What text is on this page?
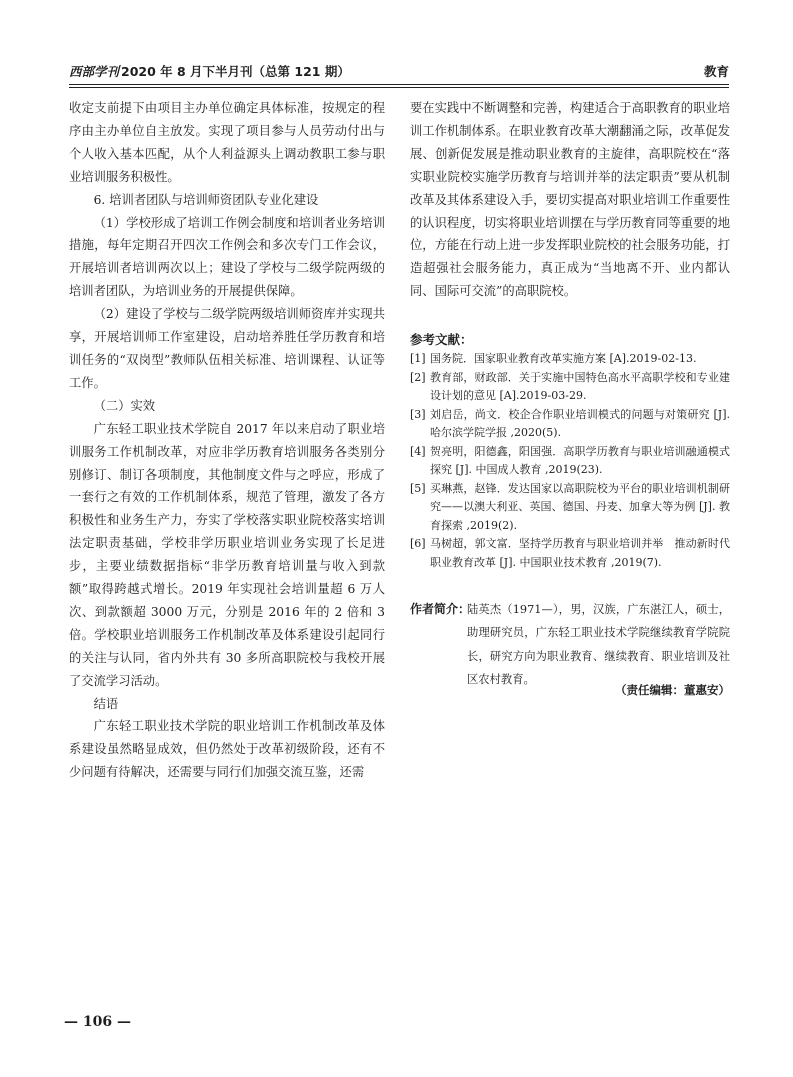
西部学刊 2020 年 8 月下半月刊（总第 121 期）	教育

收定支前提下由项目主办单位确定具体标准，按规定的程序由主办单位自主放发。实现了项目参与人员劳动付出与个人收入基本匹配，从个人利益源头上调动教职工参与职业培训服务积极性。

6. 培训者团队与培训师资团队专业化建设

（1）学校形成了培训工作例会制度和培训者业务培训措施，每年定期召开四次工作例会和多次专门工作会议，开展培训者培训两次以上；建设了学校与二级学院两级的培训者团队，为培训业务的开展提供保障。

（2）建设了学校与二级学院两级培训师资库并实现共享，开展培训师工作室建设，启动培养胜任学历教育和培训任务的“双岗型”教师队伍相关标准、培训课程、认证等工作。

（二）实效

广东轻工职业技术学院自 2017 年以来启动了职业培训服务工作机制改革，对应非学历教育培训服务各类别分别修订、制订各项制度，其他制度文件与之呼应，形成了一套行之有效的工作机制体系，规范了管理，激发了各方积极性和业务生产力，夯实了学校落实职业院校落实培训法定职责基础，学校非学历职业培训业务实现了长足进步，主要业绩数据指标“非学历教育培训量与收入到款额”取得跨越式增长。2019 年实现社会培训量超 6 万人次、到款额超 3000 万元，分别是 2016 年的 2 倍和 3 倍。学校职业培训服务工作机制改革及体系建设引起同行的关注与认同，省内外共有 30 多所高职院校与我校开展了交流学习活动。

结语

广东轻工职业技术学院的职业培训工作机制改革及体系建设虽然略显成效，但仍然处于改革初级阶段，还有不少问题有待解决，还需要与同行们加强交流互鉴，还需

要在实践中不断调整和完善，构建适合于高职教育的职业培训工作机制体系。在职业教育改革大潮翻涌之际，改革促发展、创新促发展是推动职业教育的主旋律，高职院校在“落实职业院校实施学历教育与培训并举的法定职责”要从机制改革及其体系建设入手，要切实提高对职业培训工作重要性的认识程度，切实将职业培训摆在与学历教育同等重要的地位，方能在行动上进一步发挥职业院校的社会服务功能，打造超强社会服务能力，真正成为“当地离不开、业内都认同、国际可交流”的高职院校。

参考文献：
[1] 国务院．国家职业教育改革实施方案 [A].2019-02-13.
[2] 教育部，财政部．关于实施中国特色高水平高职学校和专业建设计划的意见 [A].2019-03-29.
[3] 刘启岳，尚文．校企合作职业培训模式的问题与对策研究 [J]. 哈尔滨学院学报 ,2020(5).
[4] 贺亮明，阳德鑫，阳国强．高职学历教育与职业培训融通模式探究 [J]. 中国成人教育 ,2019(23).
[5] 买琳燕，赵锋．发达国家以高职院校为平台的职业培训机制研究——以澳大利亚、英国、德国、丹麦、加拿大等为例 [J]. 教育探索 ,2019(2).
[6] 马树超，郭文富．坚持学历教育与职业培训并举　推动新时代职业教育改革 [J]. 中国职业技术教育 ,2019(7).
作者简介：
陆英杰（1971—），男，汉族，广东湛江人，硕士，助理研究员，广东轻工职业技术学院继续教育学院院长，研究方向为职业教育、继续教育、职业培训及社区农村教育。
（责任编辑：董惠安）
— 106 —
